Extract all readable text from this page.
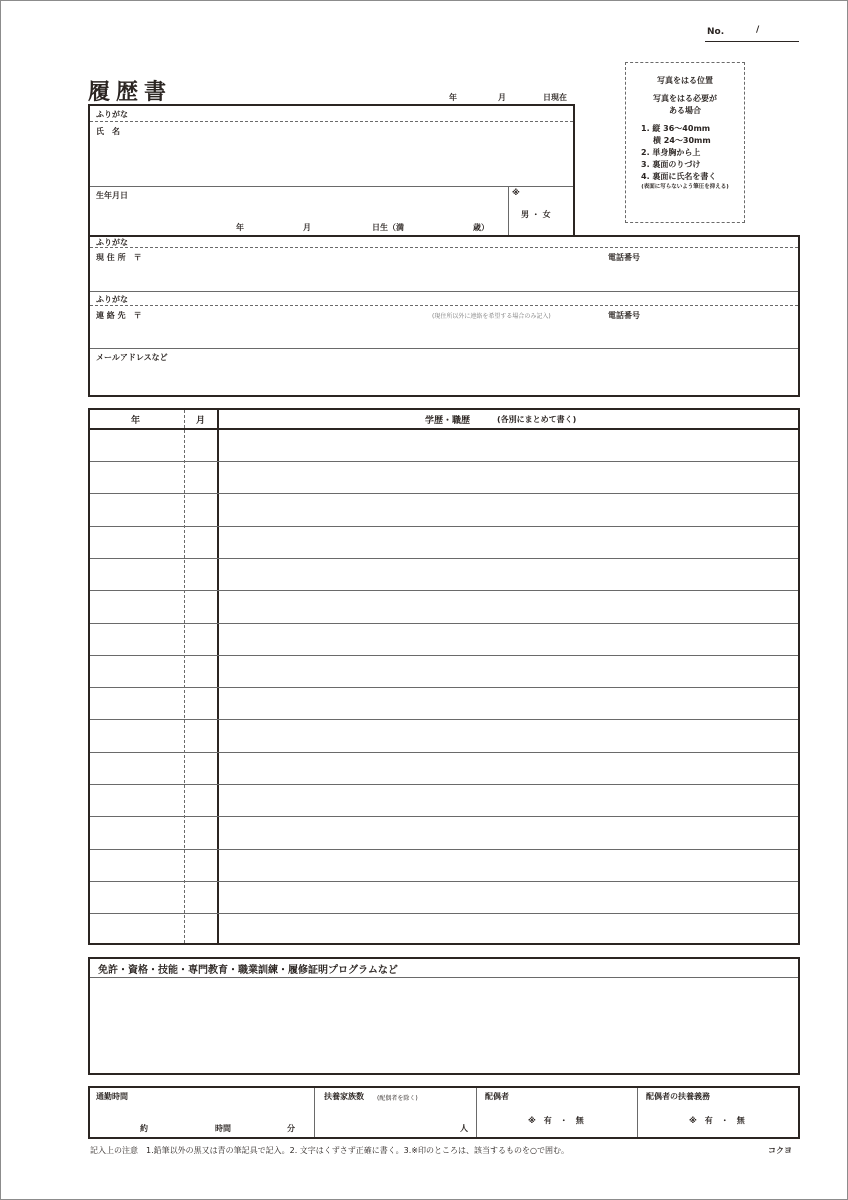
No.	/
履歴書	年	月	日現在
写真をはる位置
写真をはる必要が
ある場合
1. 縦 36～40mm
横 24～30mm
2. 単身胸から上
3. 裏面のりづけ
4. 裏面に氏名を書く
(表面に写らないよう筆圧を抑える)
ふりがな
氏　名
生年月日
年	月	日生（満	歳）
※
男 ・ 女
ふりがな
現 住 所　〒	電話番号
ふりがな
連 絡 先　〒	(現住所以外に連絡を希望する場合のみ記入)	電話番号
メールアドレスなど
年	月	学歴・職歴	(各別にまとめて書く)
免許・資格・技能・専門教育・職業訓練・履修証明プログラムなど
通勤時間
約	時間	分
扶養家族数 (配偶者を除く)
人
配偶者
※　有　・　無
配偶者の扶養義務
※　有　・　無
記入上の注意　1.鉛筆以外の黒又は青の筆記具で記入。2. 文字はくずさず正確に書く。3.※印のところは、該当するものを○で囲む。	コクヨ
